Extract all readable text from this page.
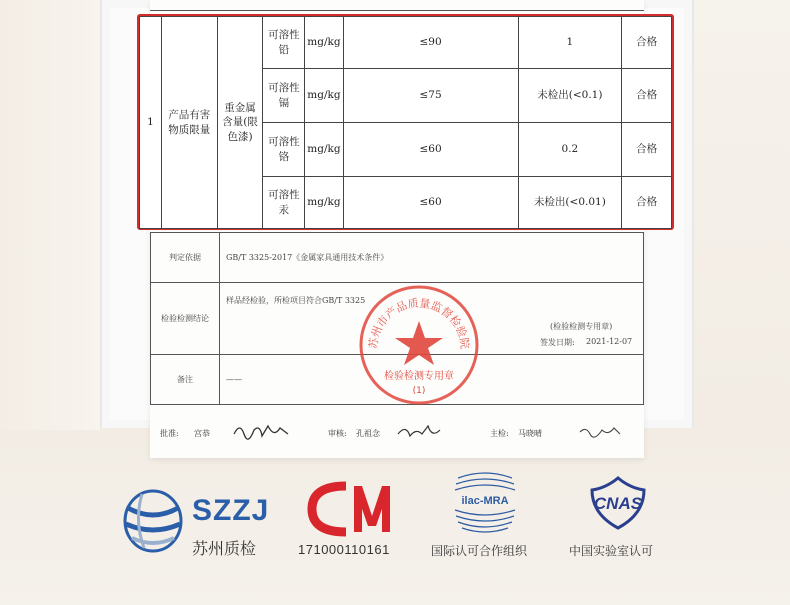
1	产品有害物质限量	重金属含量(限色漆)	可溶性铅	mg/kg	≤90	1	合格
			可溶性镉	mg/kg	≤75	未检出(<0.1)	合格
			可溶性铬	mg/kg	≤60	0.2	合格
			可溶性汞	mg/kg	≤60	未检出(<0.01)	合格
判定依据	GB/T 3325-2017《金属家具通用技术条件》
检验检测结论	样品经检验，所检项目符合GB/T 3325
(检验检测专用章)
签发日期: 2021-12-07

备注	——
苏州市产品质量监督检验院
检验检测专用章
(1)
批准: 宫恭	审核: 孔祖念	主检: 马晓晴
SZZJ
苏州质检	171000110161
ilac-MRA
国际认可合作组织
CNAS
中国实验室认可
